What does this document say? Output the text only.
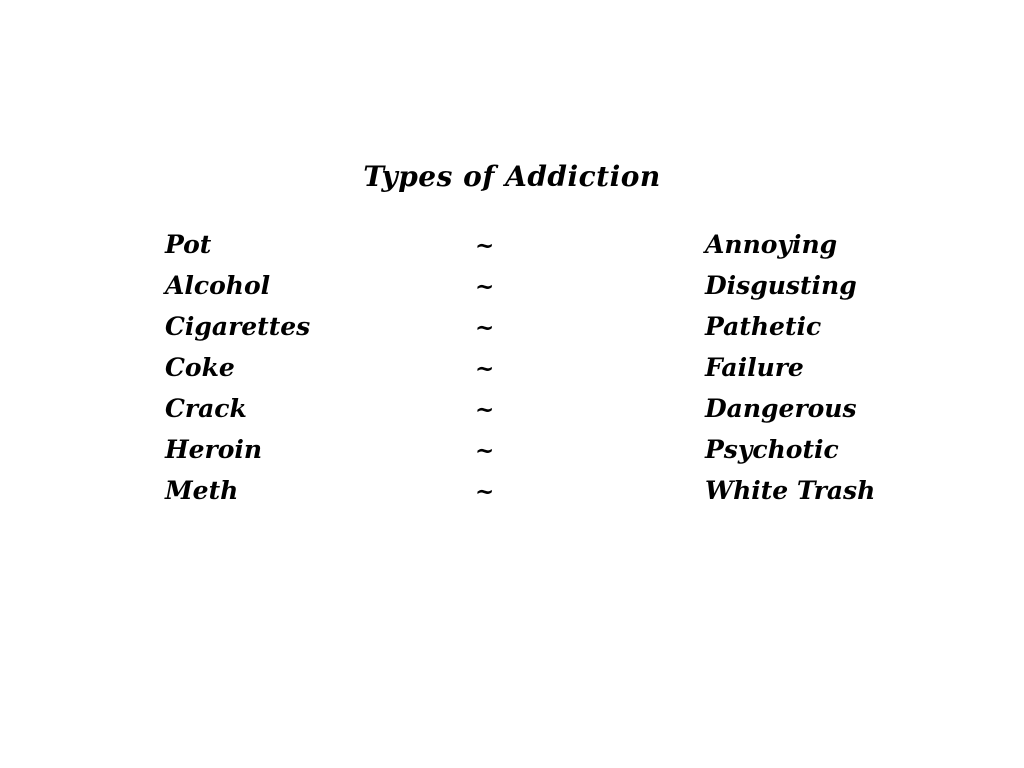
Types of Addiction
Pot	~	Annoying
Alcohol	~	Disgusting
Cigarettes	~	Pathetic
Coke	~	Failure
Crack	~	Dangerous
Heroin	~	Psychotic
Meth	~	White Trash
